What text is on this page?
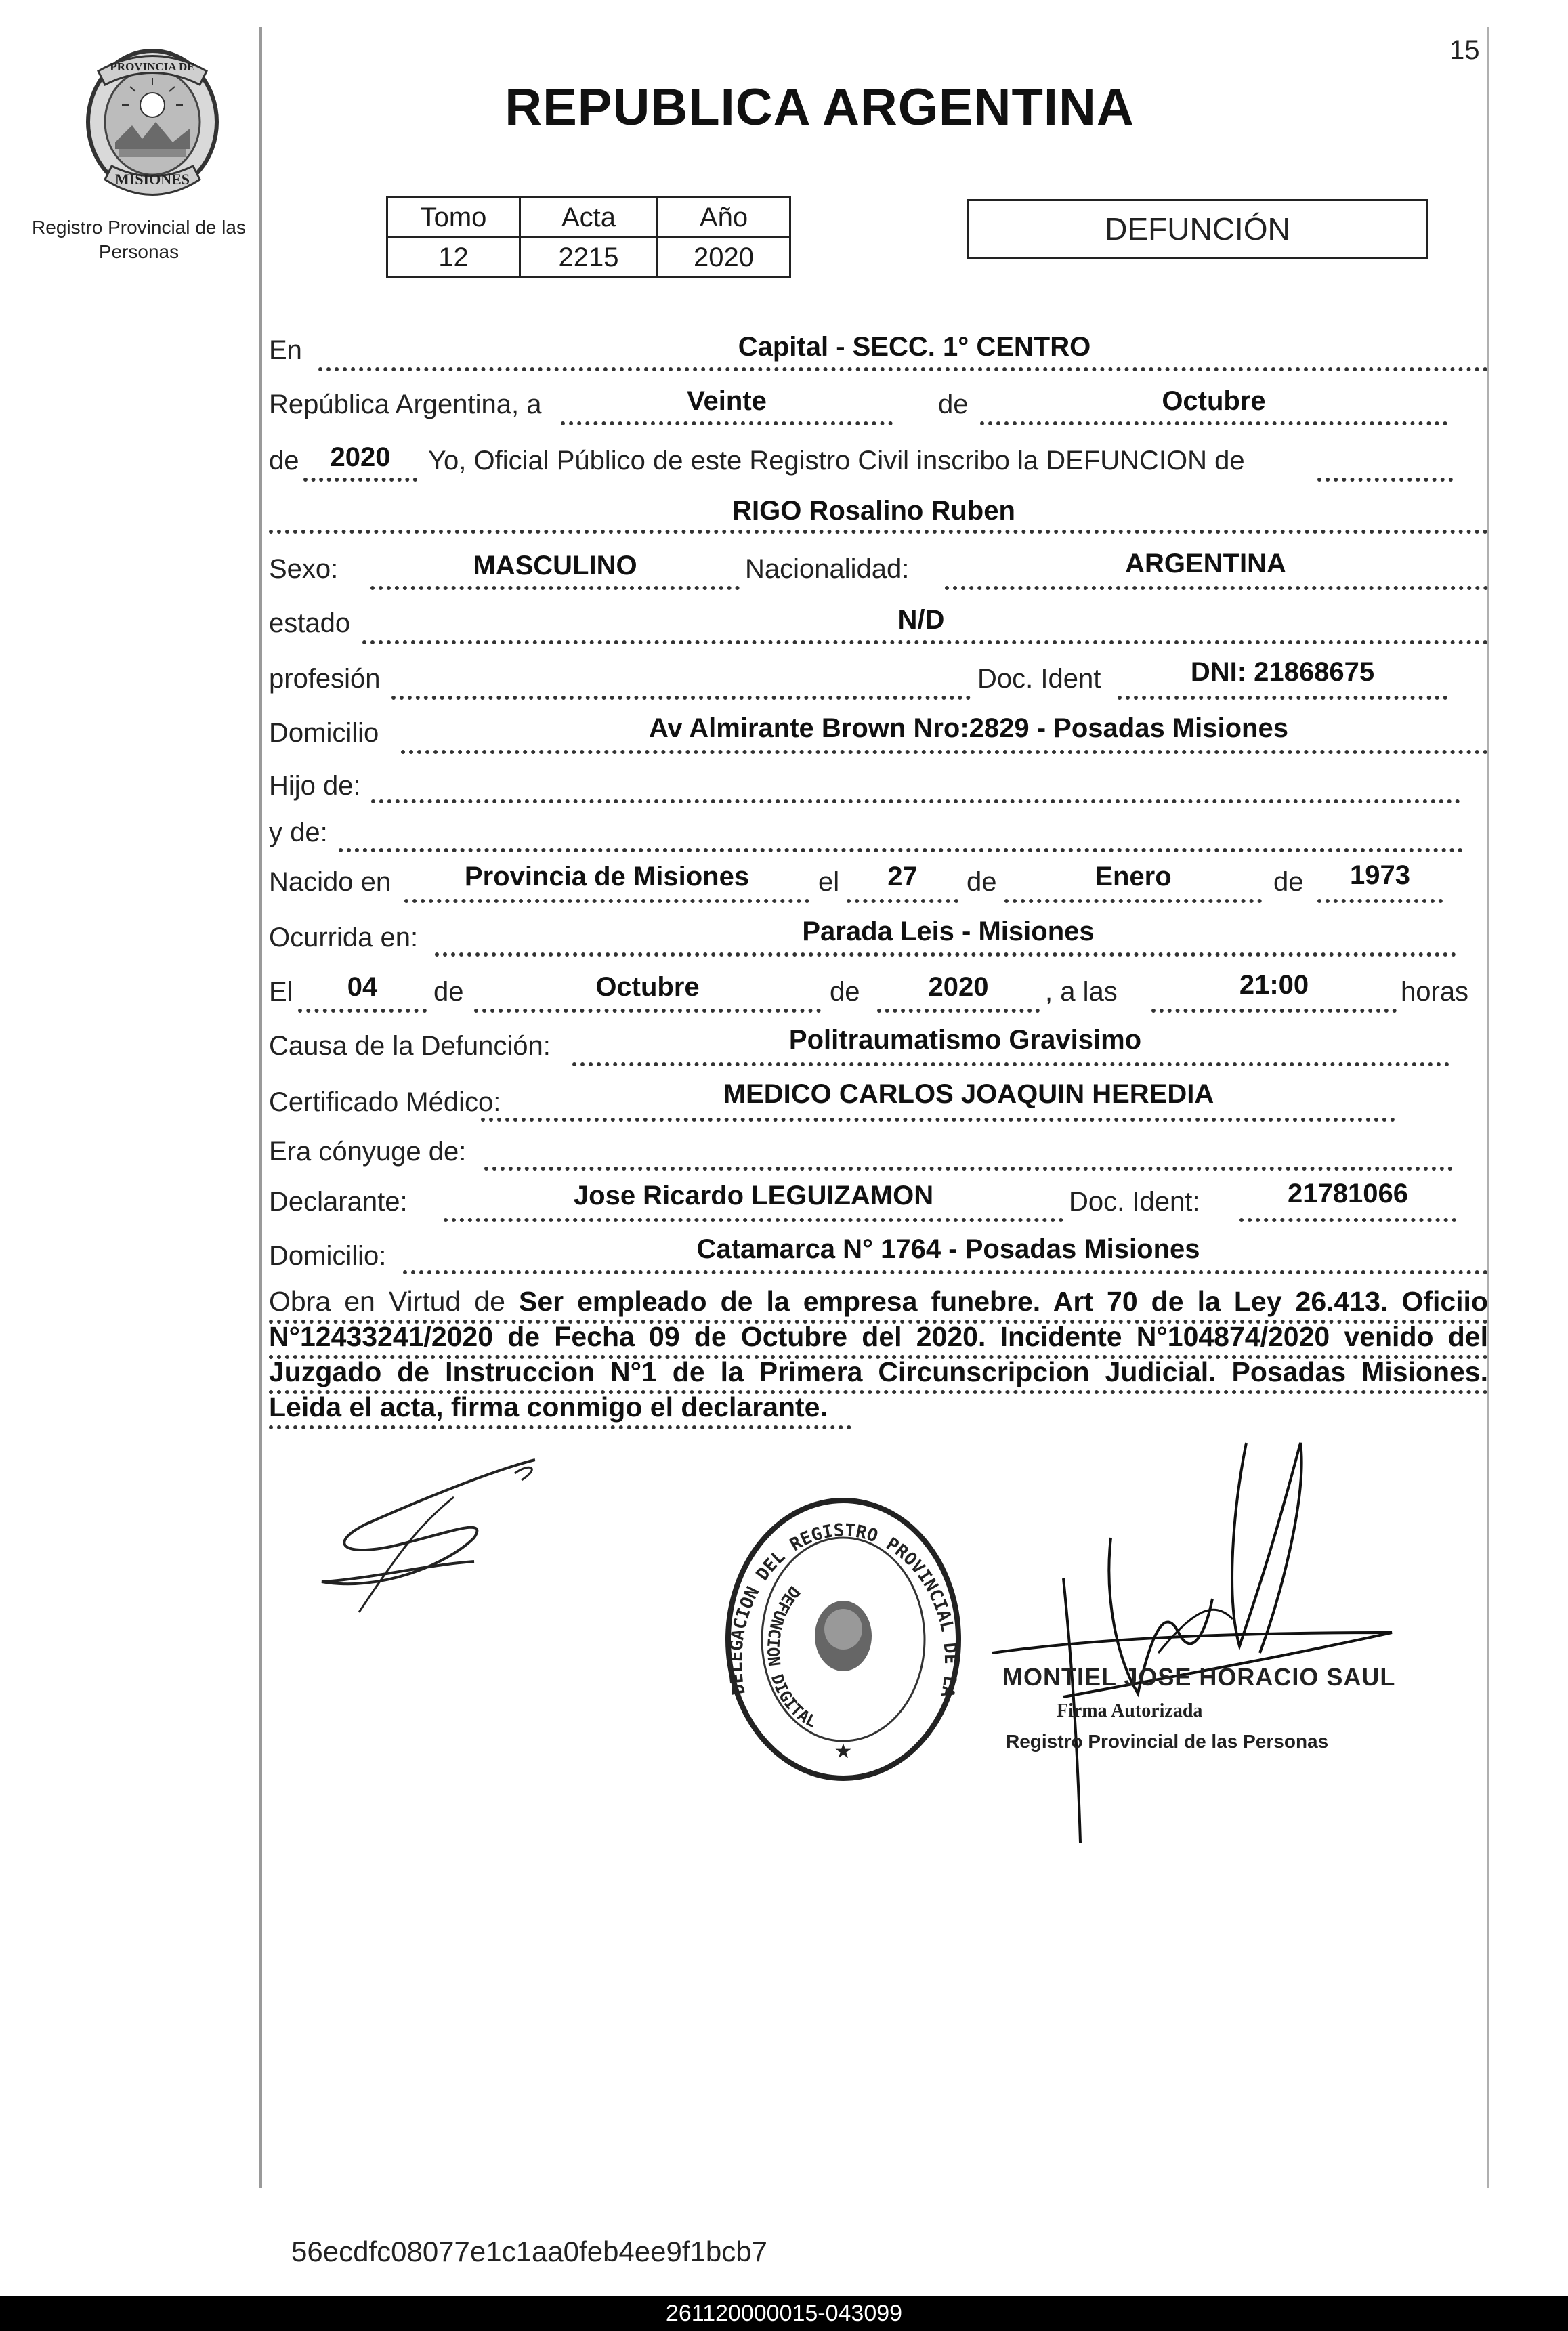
15
PROVINCIA DE
MISIONES
Registro Provincial de las Personas
REPUBLICA ARGENTINA
Tomo	Acta	Año
12	2215	2020
DEFUNCIÓN
En	Capital - SECC. 1° CENTRO
República Argentina, a	Veinte	de	Octubre
de	2020	Yo, Oficial Público de este Registro Civil inscribo la DEFUNCION de
RIGO Rosalino Ruben
Sexo:	MASCULINO	Nacionalidad:	ARGENTINA
estado	N/D
profesión	Doc. Ident	DNI: 21868675
Domicilio	Av Almirante Brown Nro:2829 - Posadas Misiones
Hijo de:
y de:
Nacido en	Provincia de Misiones	el	27	de	Enero	de	1973
Ocurrida en:	Parada Leis - Misiones
El	04	de	Octubre	de	2020	, a las	21:00	horas
Causa de la Defunción:	Politraumatismo Gravisimo
Certificado Médico:	MEDICO CARLOS JOAQUIN HEREDIA
Era cónyuge de:
Declarante:	Jose Ricardo LEGUIZAMON	Doc. Ident:	21781066
Domicilio:	Catamarca N° 1764 - Posadas Misiones
Obra en Virtud de Ser empleado de la empresa funebre. Art 70 de la Ley 26.413. Oficiio N°12433241/2020 de Fecha 09 de Octubre del 2020. Incidente N°104874/2020 venido del Juzgado de Instruccion N°1 de la Primera Circunscripcion Judicial. Posadas Misiones. Leida el acta, firma conmigo el declarante.
DELEGACION DEL REGISTRO PROVINCIAL DE LA
DEFUNCION DIGITAL
★
MONTIEL JOSE HORACIO SAUL
Firma Autorizada
Registro Provincial de las Personas
56ecdfc08077e1c1aa0feb4ee9f1bcb7
261120000015-043099
